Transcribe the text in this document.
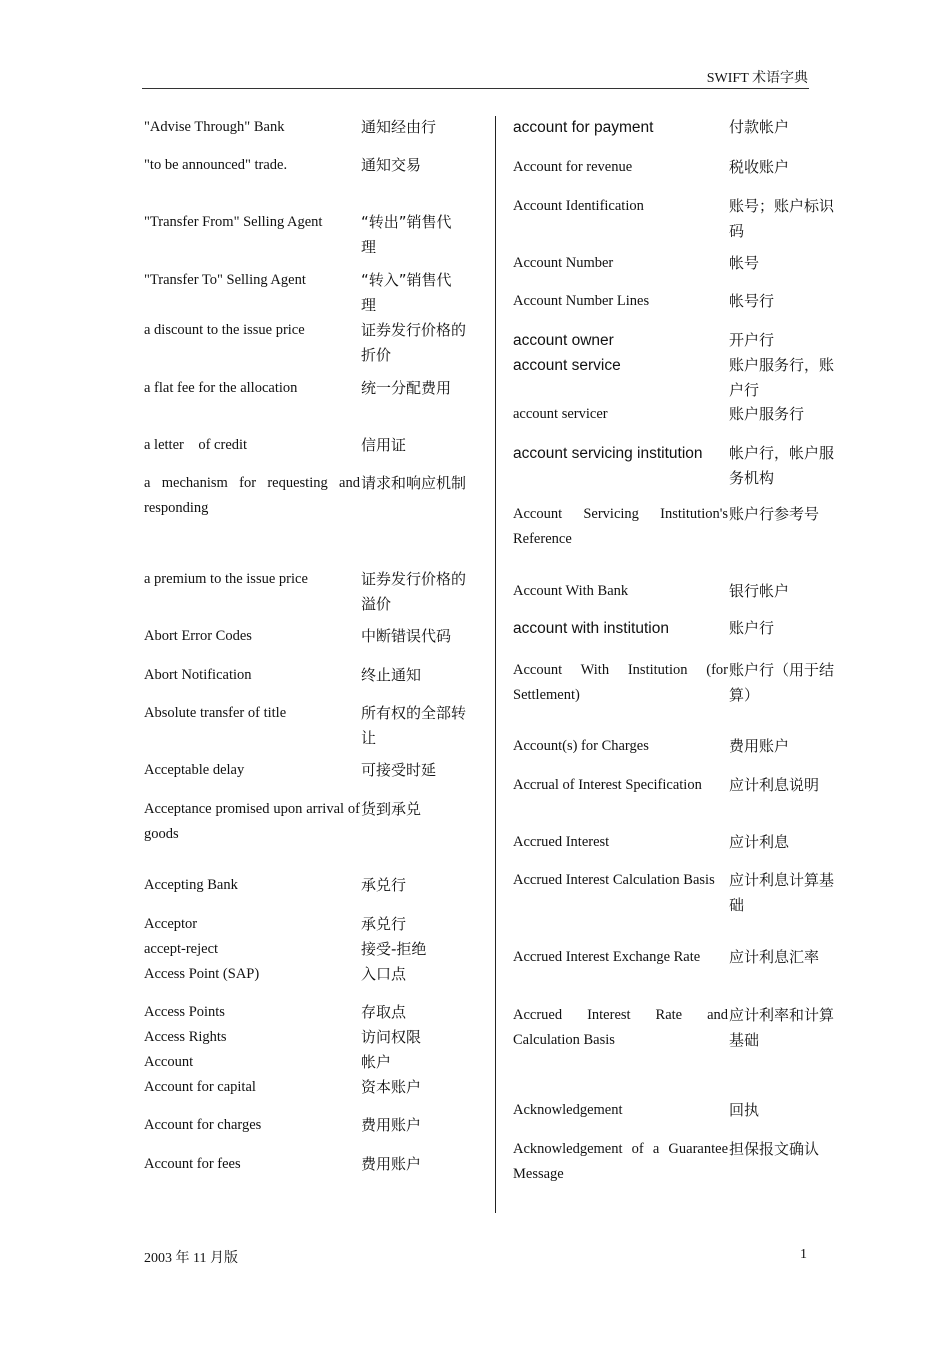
SWIFT 术语字典
"Advise Through" Bank	通知经由行
"to be announced" trade.	通知交易
"Transfer From" Selling Agent	“转出”销售代理
"Transfer To" Selling Agent	“转入”销售代理
a discount to the issue price	证券发行价格的折价
a flat fee for the allocation	统一分配费用
a letter    of credit	信用证
a mechanism for requesting and responding
请求和响应机制
a premium to the issue price	证券发行价格的溢价
Abort Error Codes	中断错误代码
Abort Notification	终止通知
Absolute transfer of title	所有权的全部转让
Acceptable delay	可接受时延
Acceptance promised upon arrival of goods
货到承兑
Accepting Bank	承兑行
Acceptor	承兑行
accept-reject	接受-拒绝
Access Point (SAP)	入口点
Access Points	存取点
Access Rights	访问权限
Account	帐户
Account for capital	资本账户
Account for charges	费用账户
Account for fees	费用账户
account for payment	付款帐户
Account for revenue	税收账户
Account Identification	账号；账户标识码
Account Number	帐号
Account Number Lines	帐号行
account owner	开户行
account service	账户服务行，账户行
account servicer	账户服务行
account servicing institution	帐户行，帐户服务机构
Account Servicing Institution's Reference
账户行参考号
Account With Bank	银行帐户
account with institution	账户行
Account With Institution (for Settlement)
账户行（用于结算）
Account(s) for Charges	费用账户
Accrual of Interest Specification	应计利息说明
Accrued Interest	应计利息
Accrued Interest Calculation Basis 应计利息计算基础
Accrued Interest Exchange Rate	应计利息汇率
Accrued Interest Rate and Calculation Basis
应计利率和计算基础
Acknowledgement	回执
Acknowledgement of a Guarantee Message
担保报文确认
2003 年 11 月版	1
